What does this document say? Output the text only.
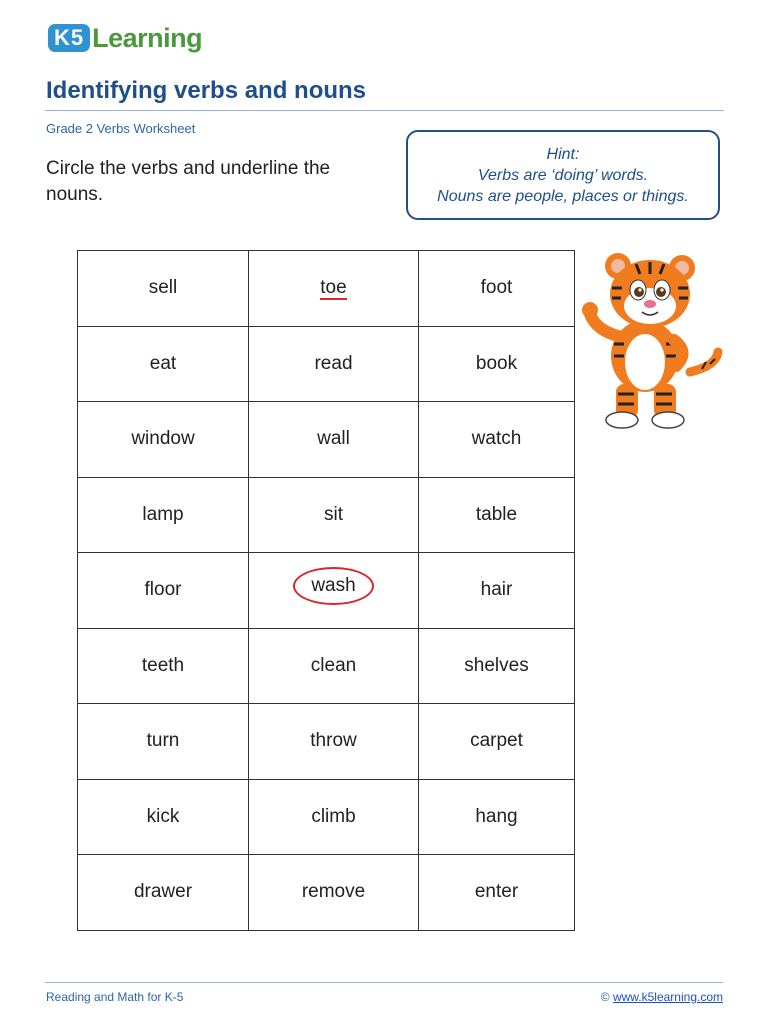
K5 Learning
Identifying verbs and nouns
Grade 2 Verbs Worksheet
Circle the verbs and underline the nouns.
Hint:
Verbs are ‘doing’ words.
Nouns are people, places or things.
sell	toe	foot
eat	read	book
window	wall	watch
lamp	sit	table
floor	wash	hair
teeth	clean	shelves
turn	throw	carpet
kick	climb	hang
drawer	remove	enter
Reading and Math for K-5	© www.k5learning.com
